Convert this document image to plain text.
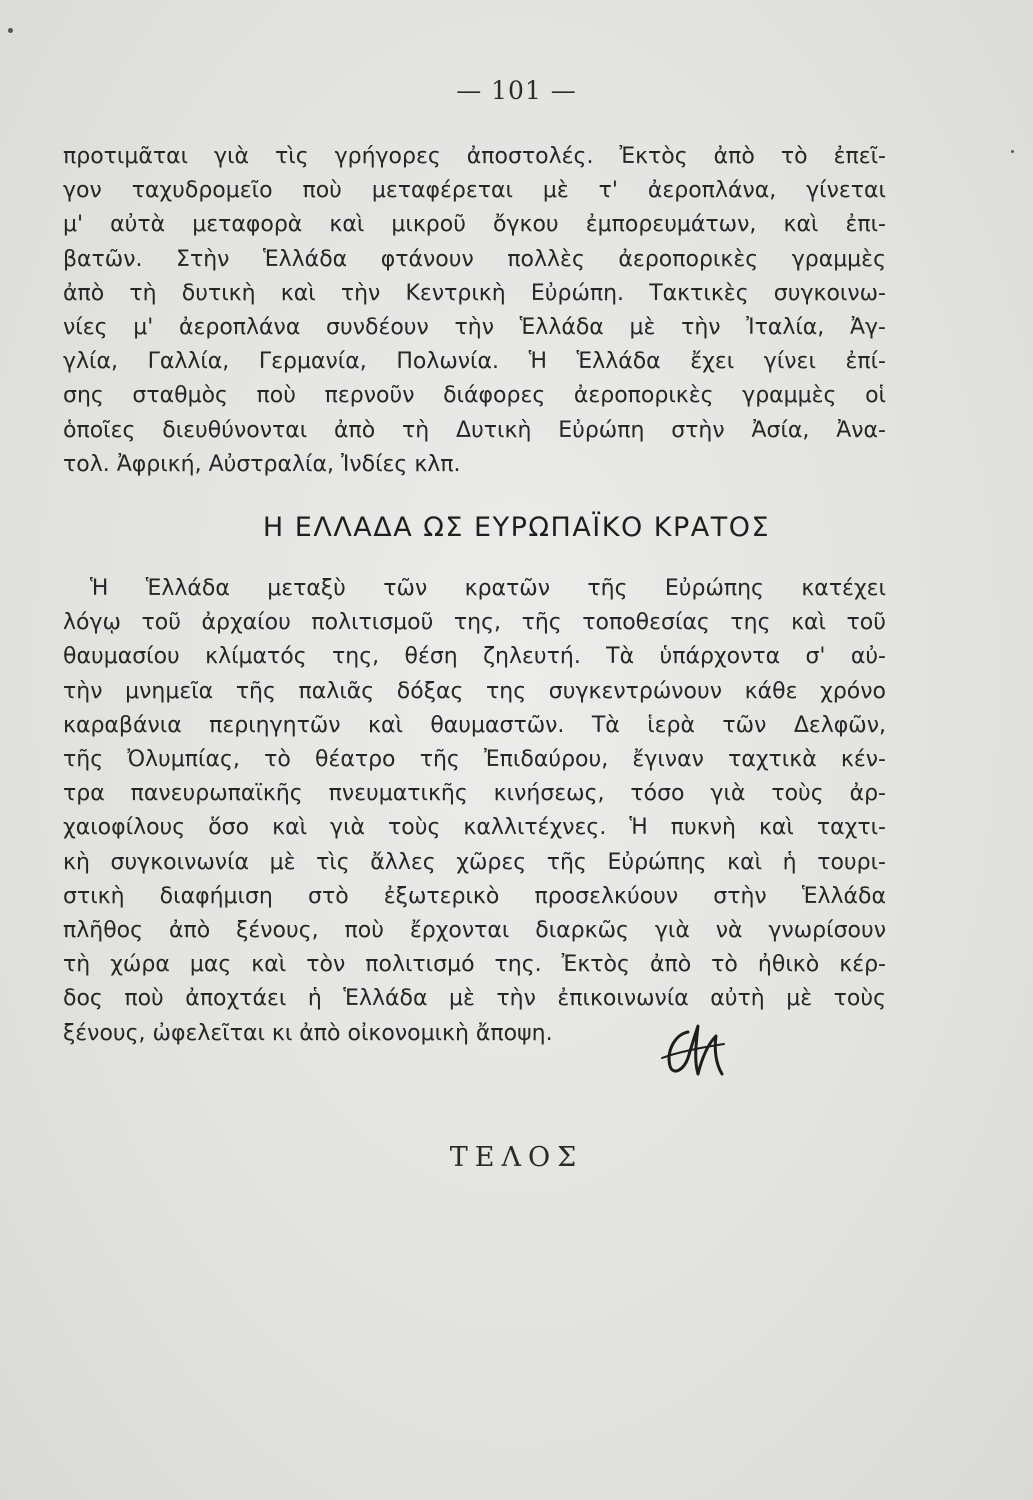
— 101 —

προτιμᾶται γιὰ τὶς γρήγορες ἀποστολές. Ἐκτὸς ἀπὸ τὸ ἐπεῖ-
γον ταχυδρομεῖο ποὺ μεταφέρεται μὲ τ' ἀεροπλάνα, γίνεται
μ' αὐτὰ μεταφορὰ καὶ μικροῦ ὄγκου ἐμπορευμάτων, καὶ ἐπι-
βατῶν. Στὴν Ἑλλάδα φτάνουν πολλὲς ἀεροπορικὲς γραμμὲς
ἀπὸ τὴ δυτικὴ καὶ τὴν Κεντρικὴ Εὐρώπη. Τακτικὲς συγκοινω-
νίες μ' ἀεροπλάνα συνδέουν τὴν Ἑλλάδα μὲ τὴν Ἰταλία, Ἀγ-
γλία, Γαλλία, Γερμανία, Πολωνία. Ἡ Ἑλλάδα ἔχει γίνει ἐπί-
σης σταθμὸς ποὺ περνοῦν διάφορες ἀεροπορικὲς γραμμὲς οἱ
ὁποῖες διευθύνονται ἀπὸ τὴ Δυτικὴ Εὐρώπη στὴν Ἀσία, Ἀνα-
τολ. Ἀφρική, Αὐστραλία, Ἰνδίες κλπ.

Η ΕΛΛΑΔΑ ΩΣ ΕΥΡΩΠΑΪΚΟ ΚΡΑΤΟΣ

Ἡ Ἑλλάδα μεταξὺ τῶν κρατῶν τῆς Εὐρώπης κατέχει
λόγῳ τοῦ ἀρχαίου πολιτισμοῦ της, τῆς τοποθεσίας της καὶ τοῦ
θαυμασίου κλίματός της, θέση ζηλευτή. Τὰ ὑπάρχοντα σ' αὐ-
τὴν μνημεῖα τῆς παλιᾶς δόξας της συγκεντρώνουν κάθε χρόνο
καραβάνια περιηγητῶν καὶ θαυμαστῶν. Τὰ ἱερὰ τῶν Δελφῶν,
τῆς Ὀλυμπίας, τὸ θέατρο τῆς Ἐπιδαύρου, ἔγιναν ταχτικὰ κέν-
τρα πανευρωπαϊκῆς πνευματικῆς κινήσεως, τόσο γιὰ τοὺς ἀρ-
χαιοφίλους ὅσο καὶ γιὰ τοὺς καλλιτέχνες. Ἡ πυκνὴ καὶ ταχτι-
κὴ συγκοινωνία μὲ τὶς ἄλλες χῶρες τῆς Εὐρώπης καὶ ἡ τουρι-
στικὴ διαφήμιση στὸ ἐξωτερικὸ προσελκύουν στὴν Ἑλλάδα
πλῆθος ἀπὸ ξένους, ποὺ ἔρχονται διαρκῶς γιὰ νὰ γνωρίσουν
τὴ χώρα μας καὶ τὸν πολιτισμό της. Ἐκτὸς ἀπὸ τὸ ἠθικὸ κέρ-
δος ποὺ ἀποχτάει ἡ Ἑλλάδα μὲ τὴν ἐπικοινωνία αὐτὴ μὲ τοὺς
ξένους, ὠφελεῖται κι ἀπὸ οἰκονομικὴ ἄποψη.

ΤΕΛΟΣ
